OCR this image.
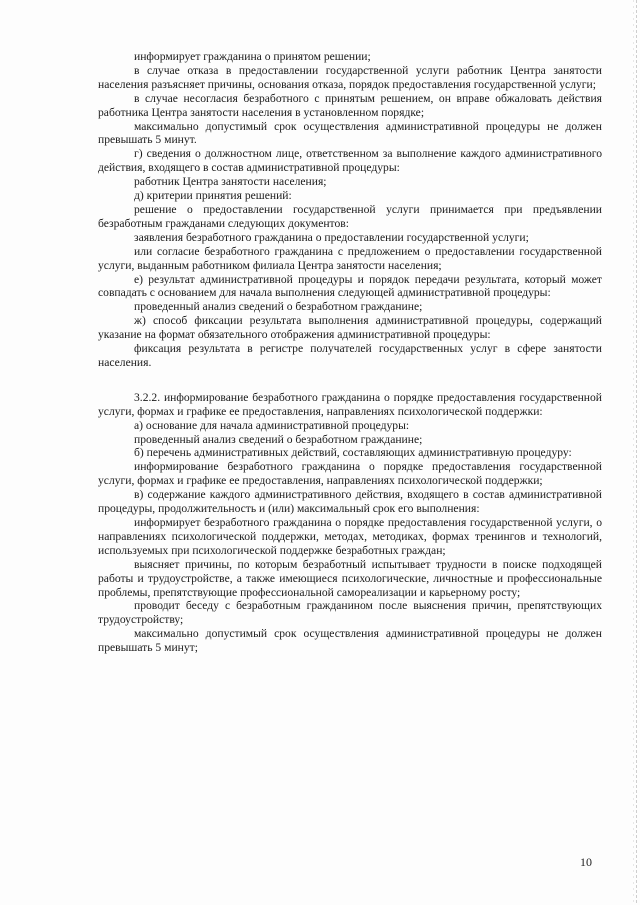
информирует гражданина о принятом решении;

в случае отказа в предоставлении государственной услуги работник Центра занятости населения разъясняет причины, основания отказа, порядок предоставления государственной услуги;

в случае несогласия безработного с принятым решением, он вправе обжаловать действия работника Центра занятости населения в установленном порядке;

максимально допустимый срок осуществления административной процедуры не должен превышать 5 минут.

г) сведения о должностном лице, ответственном за выполнение каждого административного действия, входящего в состав административной процедуры:

работник Центра занятости населения;

д) критерии принятия решений:

решение о предоставлении государственной услуги принимается при предъявлении безработным гражданами следующих документов:

заявления безработного гражданина о предоставлении государственной услуги;

или согласие безработного гражданина с предложением о предоставлении государственной услуги, выданным работником филиала Центра занятости населения;

е) результат административной процедуры и порядок передачи результата, который может совпадать с основанием для начала выполнения следующей административной процедуры:

проведенный анализ сведений о безработном гражданине;

ж) способ фиксации результата выполнения административной процедуры, содержащий указание на формат обязательного отображения административной процедуры:

фиксация результата в регистре получателей государственных услуг в сфере занятости населения.

3.2.2. информирование безработного гражданина о порядке предоставления государственной услуги, формах и графике ее предоставления, направлениях психологической поддержки:

а) основание для начала административной процедуры:

проведенный анализ сведений о безработном гражданине;

б) перечень административных действий, составляющих административную процедуру:

информирование безработного гражданина о порядке предоставления государственной услуги, формах и графике ее предоставления, направлениях психологической поддержки;

в) содержание каждого административного действия, входящего в состав административной процедуры, продолжительность и (или) максимальный срок его выполнения:

информирует безработного гражданина о порядке предоставления государственной услуги, о направлениях психологической поддержки, методах, методиках, формах тренингов и технологий, используемых при психологической поддержке безработных граждан;

выясняет причины, по которым безработный испытывает трудности в поиске подходящей работы и трудоустройстве, а также имеющиеся психологические, личностные и профессиональные проблемы, препятствующие профессиональной самореализации и карьерному росту;

проводит беседу с безработным гражданином после выяснения причин, препятствующих трудоустройству;

максимально допустимый срок осуществления административной процедуры не должен превышать 5 минут;

10
